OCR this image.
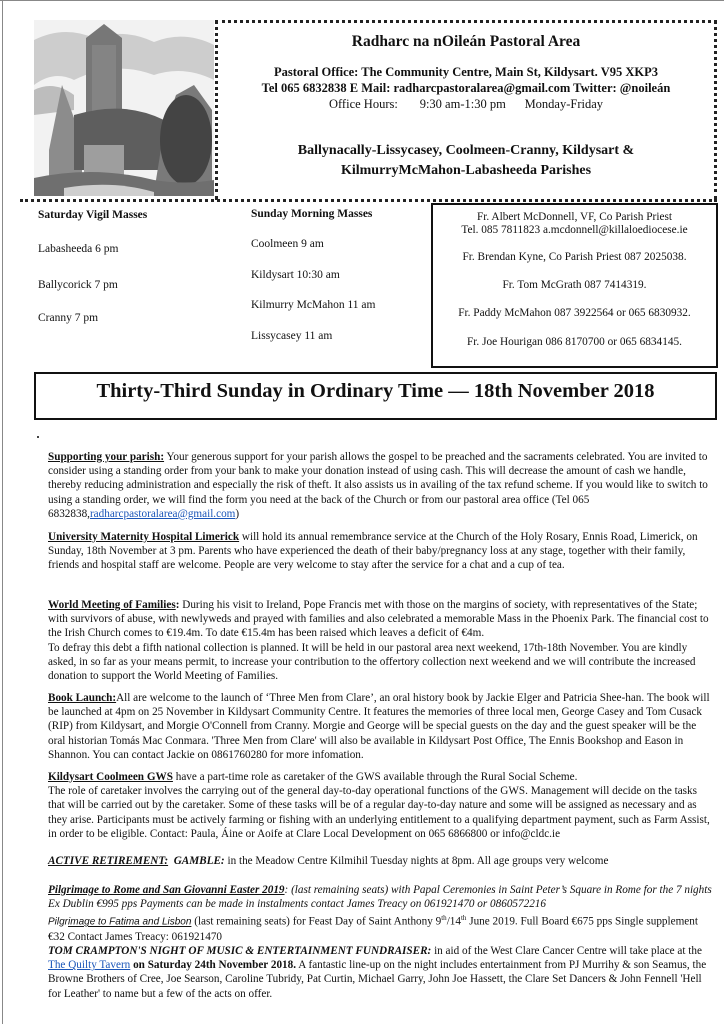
Radharc na nOileán Pastoral Area
Pastoral Office: The Community Centre, Main St, Kildysart. V95 XKP3
Tel 065 6832838 E Mail: radharcpastoralarea@gmail.com Twitter: @noileán
Office Hours: 9:30 am-1:30 pm Monday-Friday
Ballynacally-Lissycasey, Coolmeen-Cranny, Kildysart &
KilmurryMcMahon-Labasheeda Parishes
Saturday Vigil Masses
Labasheeda 6 pm
Ballycorick 7 pm
Cranny 7 pm
Sunday Morning Masses
Coolmeen 9 am
Kildysart 10:30 am
Kilmurry McMahon 11 am
Lissycasey 11 am
Fr. Albert McDonnell, VF, Co Parish Priest
Tel. 085 7811823 a.mcdonnell@killaloediocese.ie
Fr. Brendan Kyne, Co Parish Priest 087 2025038.
Fr. Tom McGrath 087 7414319.
Fr. Paddy McMahon 087 3922564 or 065 6830932.
Fr. Joe Hourigan 086 8170700 or 065 6834145.
Thirty-Third Sunday in Ordinary Time — 18th November 2018
Supporting your parish: Your generous support for your parish allows the gospel to be preached and the sacraments celebrated. You are invited to consider using a standing order from your bank to make your donation instead of using cash. This will decrease the amount of cash we handle, thereby reducing administration and especially the risk of theft. It also assists us in availing of the tax refund scheme. If you would like to switch to using a standing order, we will find the form you need at the back of the Church or from our pastoral area office (Tel 065 6832838,radharcpastoralarea@gmail.com)
University Maternity Hospital Limerick will hold its annual remembrance service at the Church of the Holy Rosary, Ennis Road, Limerick, on Sunday, 18th November at 3 pm. Parents who have experienced the death of their baby/pregnancy loss at any stage, together with their family, friends and hospital staff are welcome. People are very welcome to stay after the service for a chat and a cup of tea.

World Meeting of Families: During his visit to Ireland, Pope Francis met with those on the margins of society, with representatives of the State; with survivors of abuse, with newlyweds and prayed with families and also celebrated a memorable Mass in the Phoenix Park. The financial cost to the Irish Church comes to €19.4m. To date €15.4m has been raised which leaves a deficit of €4m.

To defray this debt a fifth national collection is planned. It will be held in our pastoral area next weekend, 17th-18th November. You are kindly asked, in so far as your means permit, to increase your contribution to the offertory collection next weekend and we will contribute the increased donation to support the World Meeting of Families.

Book Launch:All are welcome to the launch of ‘Three Men from Clare’, an oral history book by Jackie Elger and Patricia Shee-han. The book will be launched at 4pm on 25 November in Kildysart Community Centre. It features the memories of three local men, George Casey and Tom Cusack (RIP) from Kildysart, and Morgie O'Connell from Cranny. Morgie and George will be special guests on the day and the guest speaker will be the oral historian Tomás Mac Conmara. 'Three Men from Clare' will also be available in Kildysart Post Office, The Ennis Bookshop and Eason in Shannon. You can contact Jackie on 0861760280 for more infomation.

Kildysart Coolmeen GWS have a part-time role as caretaker of the GWS available through the Rural Social Scheme.

The role of caretaker involves the carrying out of the general day-to-day operational functions of the GWS. Management will decide on the tasks that will be carried out by the caretaker. Some of these tasks will be of a regular day-to-day nature and some will be assigned as necessary and as they arise. Participants must be actively farming or fishing with an underlying entitlement to a qualifying department payment, such as Farm Assist, in order to be eligible. Contact: Paula, Áine or Aoife at Clare Local Development on 065 6866800 or info@cldc.ie

ACTIVE RETIREMENT: GAMBLE: in the Meadow Centre Kilmihil Tuesday nights at 8pm. All age groups very welcome

Pilgrimage to Rome and San Giovanni Easter 2019: (last remaining seats) with Papal Ceremonies in Saint Peter’s Square in Rome for the 7 nights Ex Dublin €995 pps Payments can be made in instalments contact James Treacy on 061921470 or 0860572216

Pilgrimage to Fatima and Lisbon (last remaining seats) for Feast Day of Saint Anthony 9th/14th June 2019. Full Board €675 pps Single supplement €32 Contact James Treacy: 061921470

TOM CRAMPTON'S NIGHT OF MUSIC & ENTERTAINMENT FUNDRAISER: in aid of the West Clare Cancer Centre will take place at the The Quilty Tavern on Saturday 24th November 2018. A fantastic line-up on the night includes entertainment from PJ Murrihy & son Seamus, the Browne Brothers of Cree, Joe Searson, Caroline Tubridy, Pat Curtin, Michael Garry, John Joe Hassett, the Clare Set Dancers & John Fennell 'Hell for Leather' to name but a few of the acts on offer.
